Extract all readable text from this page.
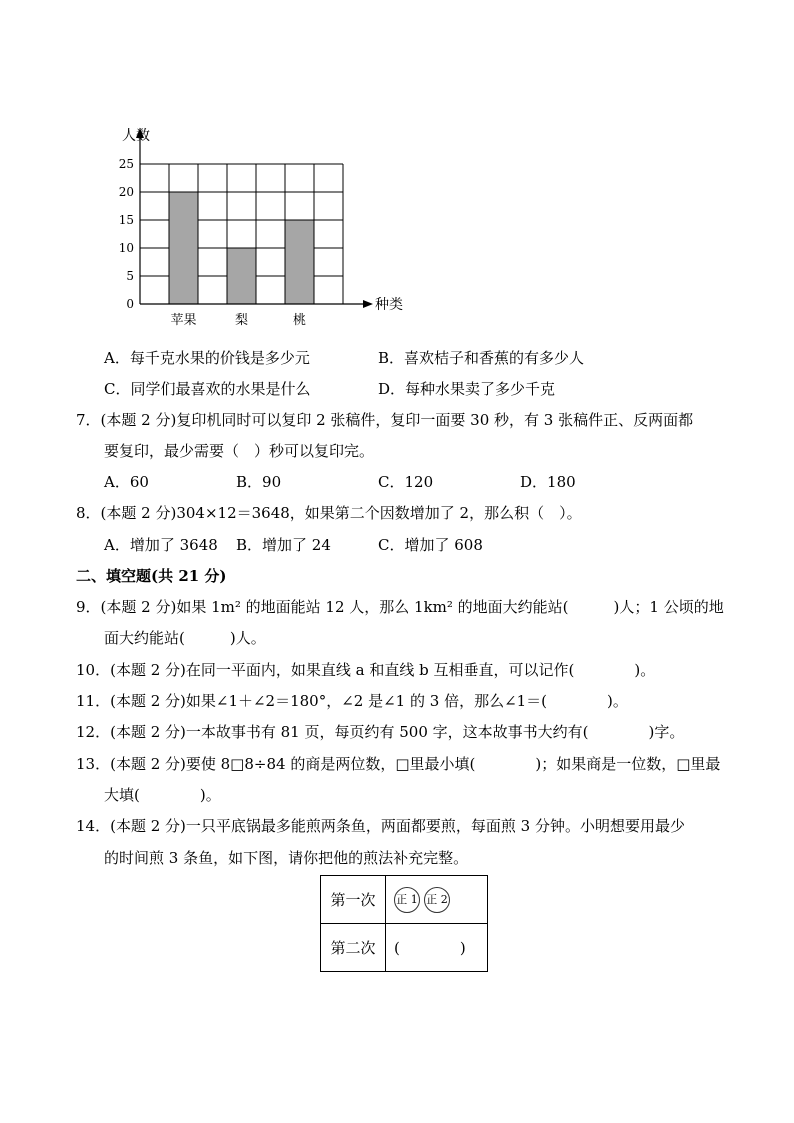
0
5
10
15
20
25
苹果	梨	桃
人数
种类
A．每千克水果的价钱是多少元	B．喜欢桔子和香蕉的有多少人
C．同学们最喜欢的水果是什么	D．每种水果卖了多少千克
7．(本题 2 分)复印机同时可以复印 2 张稿件，复印一面要 30 秒，有 3 张稿件正、反两面都
要复印，最少需要（　）秒可以复印完。
A．60	B．90	C．120	D．180
8．(本题 2 分)304×12＝3648，如果第二个因数增加了 2，那么积（　）。
A．增加了 3648 B．增加了 24	C．增加了 608
二、填空题(共 21 分)
9．(本题 2 分)如果 1m² 的地面能站 12 人，那么 1km² 的地面大约能站(　　　)人；1 公顷的地
面大约能站(　　　)人。
10．(本题 2 分)在同一平面内，如果直线 a 和直线 b 互相垂直，可以记作(　　　　)。
11．(本题 2 分)如果∠1＋∠2＝180°，∠2 是∠1 的 3 倍，那么∠1＝(　　　　)。
12．(本题 2 分)一本故事书有 81 页，每页约有 500 字，这本故事书大约有(　　　　)字。
13．(本题 2 分)要使 8□8÷84 的商是两位数，□里最小填(　　　　)；如果商是一位数，□里最
大填(　　　　)。
14．(本题 2 分)一只平底锅最多能煎两条鱼，两面都要煎，每面煎 3 分钟。小明想要用最少
的时间煎 3 条鱼，如下图，请你把他的煎法补充完整。
第一次	正 1 正 2
第二次	(　　　　)
